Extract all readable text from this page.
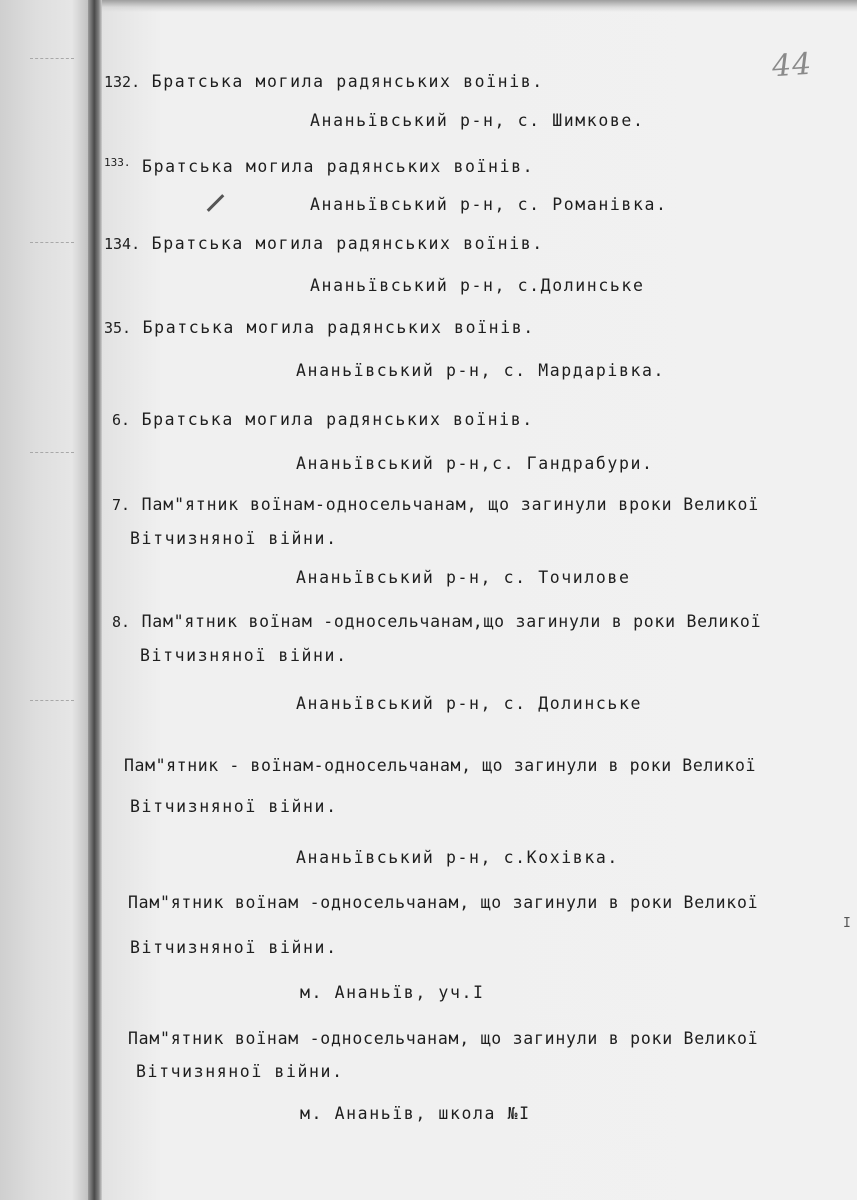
44
I
132. Братська могила радянських воїнів.
Ананьївський р-н, с. Шимкове.
$^{133.}$ Братська могила радянських воїнів.
Ананьївський р-н, с. Романівка.
134. Братська могила радянських воїнів.
Ананьївський р-н, с.Долинське
35. Братська могила радянських воїнів.
Ананьївський р-н, с. Мардарівка.
6. Братська могила радянських воїнів.
Ананьївський р-н,с. Гандрабури.
7. Пам"ятник воїнам-односельчанам, що загинули вроки Великої
Вітчизняної війни.
Ананьївський р-н, с. Точилове
8. Пам"ятник воїнам -односельчанам,що загинули в роки Великої
Вітчизняної війни.
Ананьївський р-н, с. Долинське
Пам"ятник - воїнам-односельчанам, що загинули в роки Великої
Вітчизняної війни.
Ананьївський р-н, с.Кохівка.
Пам"ятник воїнам -односельчанам, що загинули в роки Великої
Вітчизняної війни.
м. Ананьїв, уч.І
Пам"ятник воїнам -односельчанам, що загинули в роки Великої
Вітчизняної війни.
м. Ананьїв, школа №І
